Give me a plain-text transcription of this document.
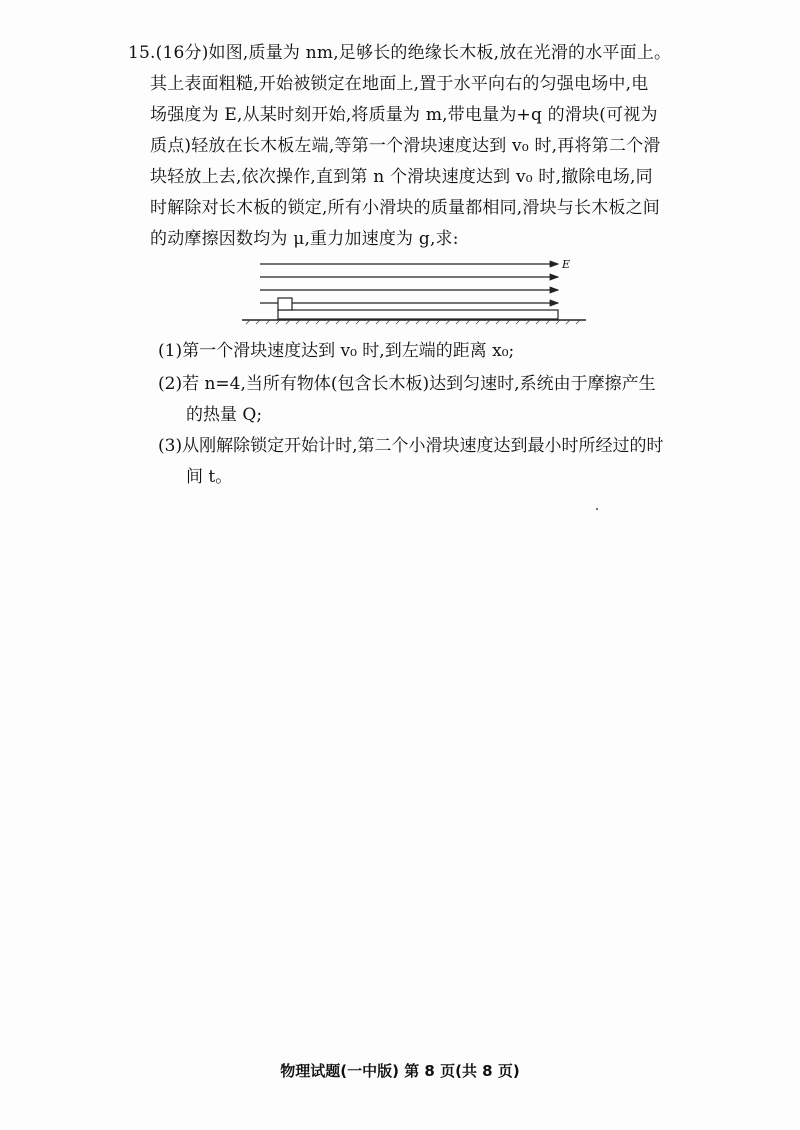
15.(16分)如图,质量为 nm,足够长的绝缘长木板,放在光滑的水平面上。
其上表面粗糙,开始被锁定在地面上,置于水平向右的匀强电场中,电
场强度为 E,从某时刻开始,将质量为 m,带电量为+q 的滑块(可视为
质点)轻放在长木板左端,等第一个滑块速度达到 v₀ 时,再将第二个滑
块轻放上去,依次操作,直到第 n 个滑块速度达到 v₀ 时,撤除电场,同
时解除对长木板的锁定,所有小滑块的质量都相同,滑块与长木板之间
的动摩擦因数均为 μ,重力加速度为 g,求:
E
(1)第一个滑块速度达到 v₀ 时,到左端的距离 x₀;
(2)若 n=4,当所有物体(包含长木板)达到匀速时,系统由于摩擦产生
的热量 Q;
(3)从刚解除锁定开始计时,第二个小滑块速度达到最小时所经过的时
间 t。
物理试题(一中版) 第 8 页(共 8 页)
